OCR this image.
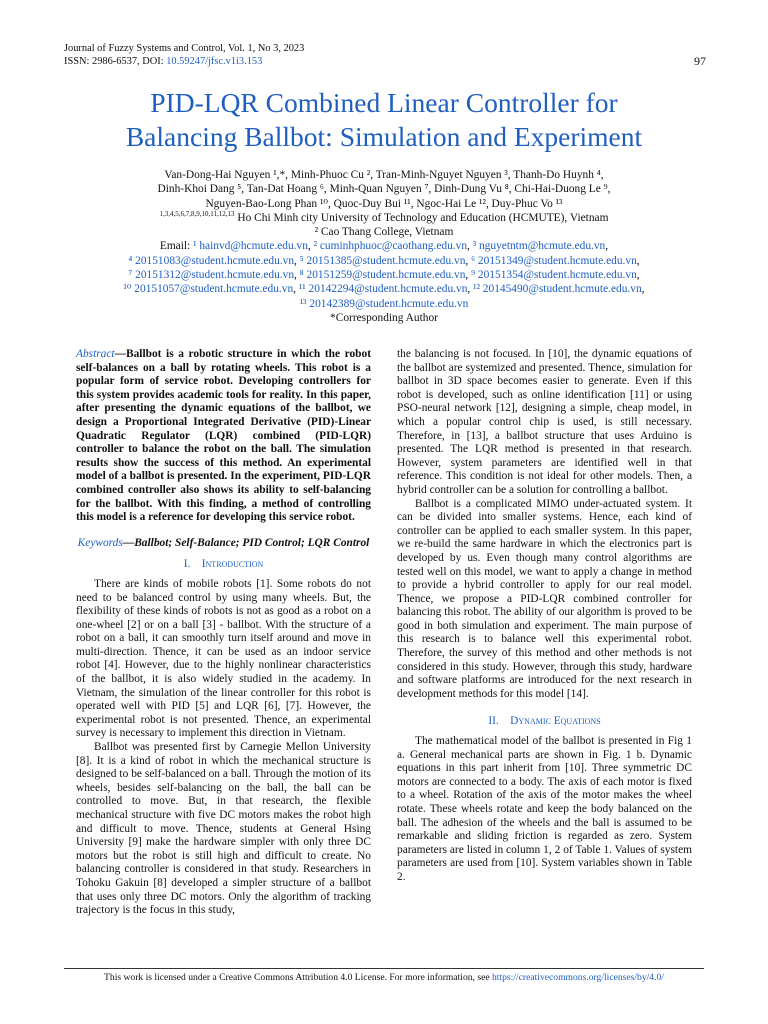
Journal of Fuzzy Systems and Control, Vol. 1, No 3, 2023
ISSN: 2986-6537, DOI: 10.59247/jfsc.v1i3.153	97
PID-LQR Combined Linear Controller for
Balancing Ballbot: Simulation and Experiment
Van-Dong-Hai Nguyen ¹,*, Minh-Phuoc Cu ², Tran-Minh-Nguyet Nguyen ³, Thanh-Do Huynh ⁴,
Dinh-Khoi Dang ⁵, Tan-Dat Hoang ⁶, Minh-Quan Nguyen ⁷, Dinh-Dung Vu ⁸, Chi-Hai-Duong Le ⁹,
Nguyen-Bao-Long Phan ¹⁰, Quoc-Duy Bui ¹¹, Ngoc-Hai Le ¹², Duy-Phuc Vo ¹³
$^{1,3,4,5,6,7,8,9,10,11,12,13}$ Ho Chi Minh city University of Technology and Education (HCMUTE), Vietnam
² Cao Thang College, Vietnam
Email: ¹ hainvd@hcmute.edu.vn, ² cuminhphuoc@caothang.edu.vn, ³ nguyetntm@hcmute.edu.vn,
⁴ 20151083@student.hcmute.edu.vn, ⁵ 20151385@student.hcmute.edu.vn, ⁶ 20151349@student.hcmute.edu.vn,
⁷ 20151312@student.hcmute.edu.vn, ⁸ 20151259@student.hcmute.edu.vn, ⁹ 20151354@student.hcmute.edu.vn,
¹⁰ 20151057@student.hcmute.edu.vn, ¹¹ 20142294@student.hcmute.edu.vn, ¹² 20145490@student.hcmute.edu.vn,
¹³ 20142389@student.hcmute.edu.vn
*Corresponding Author

Abstract—Ballbot is a robotic structure in which the robot self-balances on a ball by rotating wheels. This robot is a popular form of service robot. Developing controllers for this system provides academic tools for reality. In this paper, after presenting the dynamic equations of the ballbot, we design a Proportional Integrated Derivative (PID)-Linear Quadratic Regulator (LQR) combined (PID-LQR) controller to balance the robot on the ball. The simulation results show the success of this method. An experimental model of a ballbot is presented. In the experiment, PID-LQR combined controller also shows its ability to self-balancing for the ballbot. With this finding, a method of controlling this model is a reference for developing this service robot.

Keywords—Ballbot; Self-Balance; PID Control; LQR Control
I. Introduction

There are kinds of mobile robots [1]. Some robots do not need to be balanced control by using many wheels. But, the flexibility of these kinds of robots is not as good as a robot on a one-wheel [2] or on a ball [3] - ballbot. With the structure of a robot on a ball, it can smoothly turn itself around and move in multi-direction. Thence, it can be used as an indoor service robot [4]. However, due to the highly nonlinear characteristics of the ballbot, it is also widely studied in the academy. In Vietnam, the simulation of the linear controller for this robot is operated well with PID [5] and LQR [6], [7]. However, the experimental robot is not presented. Thence, an experimental survey is necessary to implement this direction in Vietnam.

Ballbot was presented first by Carnegie Mellon University [8]. It is a kind of robot in which the mechanical structure is designed to be self-balanced on a ball. Through the motion of its wheels, besides self-balancing on the ball, the ball can be controlled to move. But, in that research, the flexible mechanical structure with five DC motors makes the robot high and difficult to move. Thence, students at General Hsing University [9] make the hardware simpler with only three DC motors but the robot is still high and difficult to create. No balancing controller is considered in that study. Researchers in Tohoku Gakuin [8] developed a simpler structure of a ballbot that uses only three DC motors. Only the algorithm of tracking trajectory is the focus in this study,

the balancing is not focused. In [10], the dynamic equations of the ballbot are systemized and presented. Thence, simulation for ballbot in 3D space becomes easier to generate. Even if this robot is developed, such as online identification [11] or using PSO-neural network [12], designing a simple, cheap model, in which a popular control chip is used, is still necessary. Therefore, in [13], a ballbot structure that uses Arduino is presented. The LQR method is presented in that research. However, system parameters are identified well in that reference. This condition is not ideal for other models. Then, a hybrid controller can be a solution for controlling a ballbot.

Ballbot is a complicated MIMO under-actuated system. It can be divided into smaller systems. Hence, each kind of controller can be applied to each smaller system. In this paper, we re-build the same hardware in which the electronics part is developed by us. Even though many control algorithms are tested well on this model, we want to apply a change in method to provide a hybrid controller to apply for our real model. Thence, we propose a PID-LQR combined controller for balancing this robot. The ability of our algorithm is proved to be good in both simulation and experiment. The main purpose of this research is to balance well this experimental robot. Therefore, the survey of this method and other methods is not considered in this study. However, through this study, hardware and software platforms are introduced for the next research in development methods for this model [14].

II. Dynamic Equations

The mathematical model of the ballbot is presented in Fig 1 a. General mechanical parts are shown in Fig. 1 b. Dynamic equations in this part inherit from [10]. Three symmetric DC motors are connected to a body. The axis of each motor is fixed to a wheel. Rotation of the axis of the motor makes the wheel rotate. These wheels rotate and keep the body balanced on the ball. The adhesion of the wheels and the ball is assumed to be remarkable and sliding friction is regarded as zero. System parameters are listed in column 1, 2 of Table 1. Values of system parameters are used from [10]. System variables shown in Table 2.

This work is licensed under a Creative Commons Attribution 4.0 License. For more information, see https://creativecommons.org/licenses/by/4.0/
